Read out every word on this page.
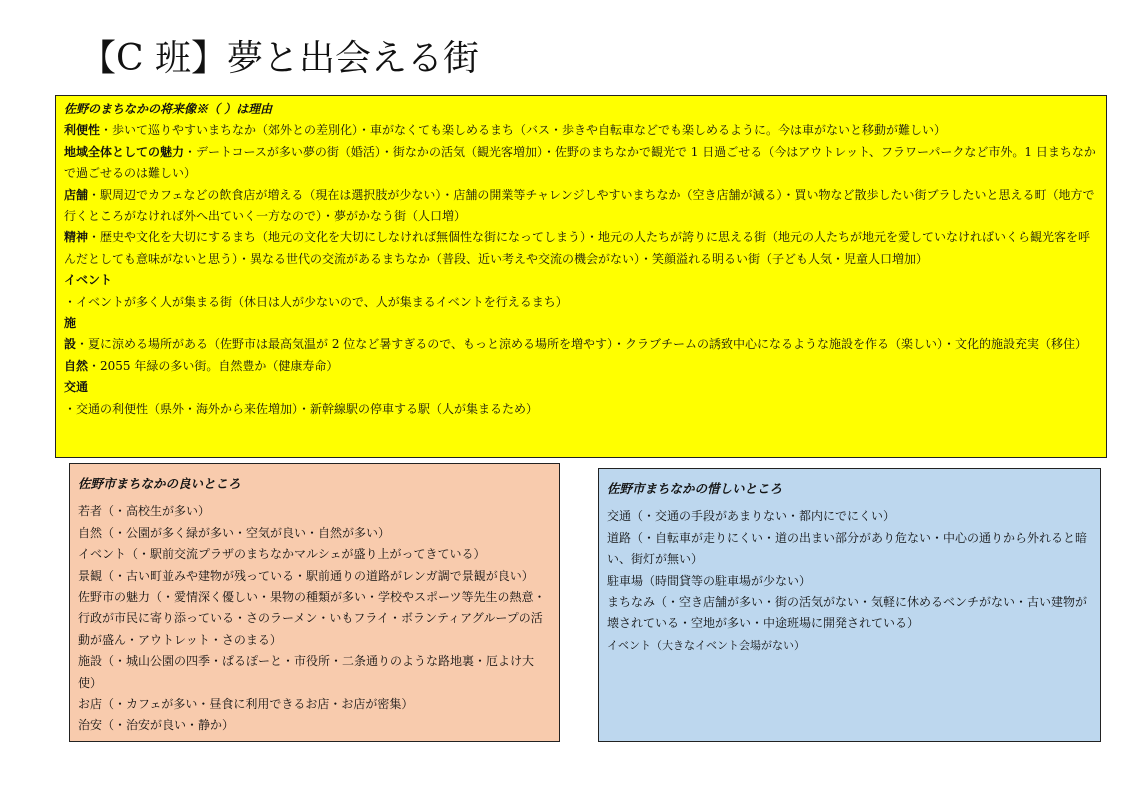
【C 班】夢と出会える街

佐野のまちなかの将来像※（ ）は理由

利便性・歩いて巡りやすいまちなか（郊外との差別化）・車がなくても楽しめるまち（バス・歩きや自転車などでも楽しめるように。今は車がないと移動が難しい）

地域全体としての魅力・デートコースが多い夢の街（婚活）・街なかの活気（観光客増加）・佐野のまちなかで観光で 1 日過ごせる（今はアウトレット、フラワーパークなど市外。1 日まちなかで過ごせるのは難しい）

店舗・駅周辺でカフェなどの飲食店が増える（現在は選択肢が少ない）・店舗の開業等チャレンジしやすいまちなか（空き店舗が減る）・買い物など散歩したい街ブラしたいと思える町（地方で行くところがなければ外へ出ていく一方なので）・夢がかなう街（人口増）

精神・歴史や文化を大切にするまち（地元の文化を大切にしなければ無個性な街になってしまう）・地元の人たちが誇りに思える街（地元の人たちが地元を愛していなければいくら観光客を呼んだとしても意味がないと思う）・異なる世代の交流があるまちなか（普段、近い考えや交流の機会がない）・笑顔溢れる明るい街（子ども人気・児童人口増加）

イベント

・イベントが多く人が集まる街（休日は人が少ないので、人が集まるイベントを行えるまち）

施設・夏に涼める場所がある（佐野市は最高気温が 2 位など暑すぎるので、もっと涼める場所を増やす）・クラブチームの誘致中心になるような施設を作る（楽しい）・文化的施設充実（移住）

自然・2055 年緑の多い街。自然豊か（健康寿命）

交通

・交通の利便性（県外・海外から来佐増加）・新幹線駅の停車する駅（人が集まるため）

佐野市まちなかの良いところ

若者（・高校生が多い）

自然（・公園が多く緑が多い・空気が良い・自然が多い）

イベント（・駅前交流プラザのまちなかマルシェが盛り上がってきている）

景観（・古い町並みや建物が残っている・駅前通りの道路がレンガ調で景観が良い）

佐野市の魅力（・愛情深く優しい・果物の種類が多い・学校やスポーツ等先生の熱意・行政が市民に寄り添っている・さのラーメン・いもフライ・ボランティアグループの活動が盛ん・アウトレット・さのまる）

施設（・城山公園の四季・ぱるぽーと・市役所・二条通りのような路地裏・厄よけ大使）

お店（・カフェが多い・昼食に利用できるお店・お店が密集）

治安（・治安が良い・静か）

佐野市まちなかの惜しいところ

交通（・交通の手段があまりない・都内にでにくい）

道路（・自転車が走りにくい・道の出まい部分があり危ない・中心の通りから外れると暗い、街灯が無い）

駐車場（時間貸等の駐車場が少ない）

まちなみ（・空き店舗が多い・街の活気がない・気軽に休めるベンチがない・古い建物が壊されている・空地が多い・中途班場に開発されている）

イベント（大きなイベント会場がない）
